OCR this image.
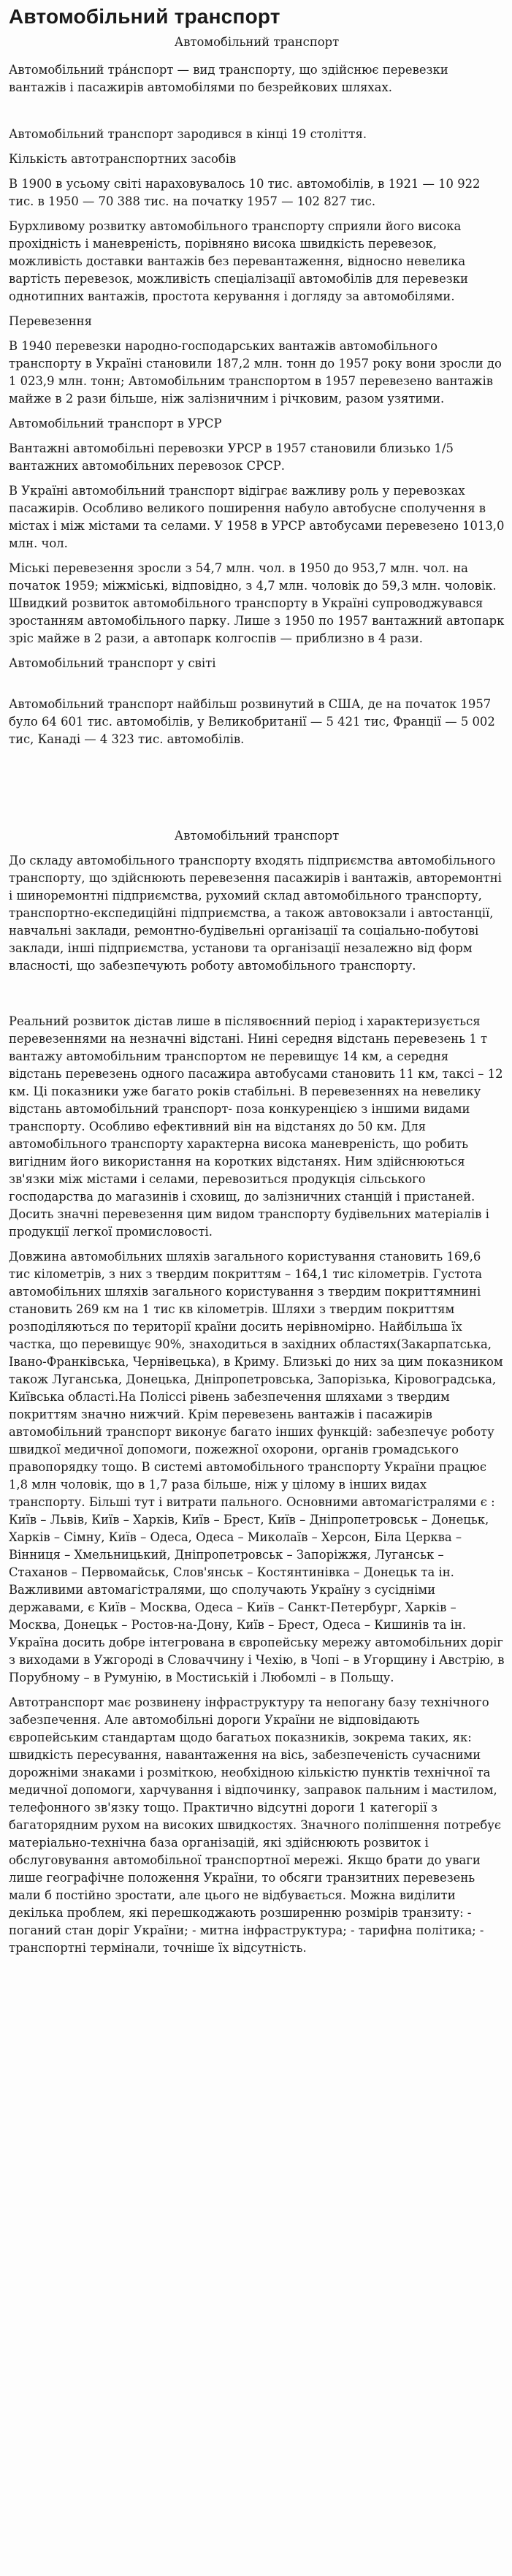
Автомобільний транспорт

Автомобільний транспорт

Автомобільний тра́нспорт — вид транспорту, що здійснює перевезки вантажів і пасажирів автомобілями по безрейкових шляхах.

Автомобільний транспорт зародився в кінці 19 століття.

Кількість автотранспортних засобів

В 1900 в усьому світі нараховувалось 10 тис. автомобілів, в 1921 — 10 922 тис. в 1950 — 70 388 тис. на початку 1957 — 102 827 тис.

Бурхливому розвитку автомобільного транспорту сприяли його висока прохідність і маневреність, порівняно висока швидкість перевезок, можливість доставки вантажів без перевантаження, відносно невелика вартість перевезок, можливість спеціалізації автомобілів для перевезки однотипних вантажів, простота керування і догляду за автомобілями.

Перевезення

В 1940 перевезки народно-господарських вантажів автомобільного транспорту в Українi становили 187,2 млн. тонн до 1957 року вони зросли до 1 023,9 млн. тонн; Автомобільним транспортом в 1957 перевезено вантажів майже в 2 рази більше, ніж залізничним і річковим, разом узятими.

Автомобільний транспорт в УРСР

Вантажні автомобільні перевозки УРСР в 1957 становили близько 1/5 вантажних автомобільних перевозок СРСР.

В Українi автомобільний транспорт відіграє важливу роль у перевозках пасажирів. Особливо великого поширення набуло автобусне сполучення в містах і між містами та селами. У 1958 в УРСР автобусами перевезено 1013,0 млн. чол.

Міські перевезення зросли з 54,7 млн. чол. в 1950 до 953,7 млн. чол. на початок 1959; міжміські, відповідно, з 4,7 млн. чоловік до 59,3 млн. чоловік. Швидкий розвиток автомобільного транспорту в Українi супроводжувався зростанням автомобільного парку. Лише з 1950 по 1957 вантажний автопарк зріс майже в 2 рази, а автопарк колгоспів — приблизно в 4 рази.

Автомобільний транспорт у світі

Автомобільний транспорт найбільш розвинутий в США, де на початок 1957 було 64 601 тис. автомобілів, у Великобританії — 5 421 тис, Франції — 5 002 тис, Канаді — 4 323 тис. автомобілів.

Автомобільний транспорт

До складу автомобільного транспорту входять підприємства автомобільного транспорту, що здійснюють перевезення пасажирів і вантажів, авторемонтні і шиноремонтні підприємства, рухомий склад автомобільного транспорту, транспортно-експедиційні підприємства, а також автовокзали і автостанції, навчальні заклади, ремонтно-будівельні організації та соціально-побутові заклади, інші підприємства, установи та організації незалежно від форм власності, що забезпечують роботу автомобільного транспорту.

Реальний розвиток дістав лише в післявоєнний період і характеризується перевезеннями на незначні відстані. Нині середня відстань перевезень 1 т вантажу автомобільним транспортом не перевищує 14 км, а середня відстань перевезень одного пасажира автобусами становить 11 км, таксі – 12 км. Ці показники уже багато років стабільні. В перевезеннях на невелику відстань автомобільний транспорт- поза конкуренцією з іншими видами транспорту. Особливо ефективний він на відстанях до 50 км. Для автомобільного транспорту характерна висока маневреність, що робить вигідним його використання на коротких відстанях. Ним здійснюються зв'язки між містами і селами, перевозиться продукція сільського господарства до магазинів і сховищ, до залізничних станцій і пристаней. Досить значні перевезення цим видом транспорту будівельних матеріалів і продукції легкої промисловості.

Довжина автомобільних шляхів загального користування становить 169,6 тис кілометрів, з них з твердим покриттям – 164,1 тис кілометрів. Густота автомобільних шляхів загального користування з твердим покриттямнині становить 269 км на 1 тис кв кілометрів. Шляхи з твердим покриттям розподіляються по території країни досить нерівномірно. Найбільша їх частка, що перевищує 90%, знаходиться в західних областях(Закарпатська, Івано-Франківська, Чернівецька), в Криму. Близькі до них за цим показником також Луганська, Донецька, Дніпропетровська, Запорізька, Кіровоградська, Київська області.На Поліссі рівень забезпечення шляхами з твердим покриттям значно нижчий. Крім перевезень вантажів і пасажирів автомобільний транспорт виконує багато інших функцій: забезпечує роботу швидкої медичної допомоги, пожежної охорони, органів громадського правопорядку тощо. В системі автомобільного транспорту України працює 1,8 млн чоловік, що в 1,7 раза більше, ніж у цілому в інших видах транспорту. Більші тут і витрати пального. Основними автомагістралями є : Київ – Львів, Київ – Харків, Київ – Брест, Київ – Дніпропетровськ – Донецьк, Харків – Сімну, Київ – Одеса, Одеса – Миколаїв – Херсон, Біла Церква – Вінниця – Хмельницький, Дніпропетровськ – Запоріжжя, Луганськ – Стаханов – Первомайськ, Слов'янськ – Костянтинівка – Донецьк та ін. Важливими автомагістралями, що сполучають Україну з сусідніми державами, є Київ – Москва, Одеса – Київ – Санкт-Петербург, Харків – Москва, Донецьк – Ростов-на-Дону, Київ – Брест, Одеса – Кишинів та ін. Україна досить добре інтегрована в європейську мережу автомобільних доріг з виходами в Ужгороді в Словаччину і Чехію, в Чопі – в Угорщину і Австрію, в Порубному – в Румунію, в Мостиській і Любомлі – в Польщу.

Автотранспорт має розвинену інфраструктуру та непогану базу технічного забезпечення. Але автомобільні дороги України не відповідають європейським стандартам щодо багатьох показників, зокрема таких, як: швидкість пересування, навантаження на вісь, забезпеченість сучасними дорожніми знаками і розміткою, необхідною кількістю пунктів технічної та медичної допомоги, харчування і відпочинку, заправок пальним і мастилом, телефонного зв'язку тощо. Практично відсутні дороги 1 категорії з багаторядним рухом на високих швидкостях. Значного поліпшення потребує матеріально-технічна база організацій, які здійснюють розвиток і обслуговування автомобільної транспортної мережі. Якщо брати до уваги лише географічне положення України, то обсяги транзитних перевезень мали б постійно зростати, але цього не відбувається. Можна виділити декілька проблем, які перешкоджають розширенню розмірів транзиту: - поганий стан доріг України; - митна інфраструктура; - тарифна політика; - транспортні термінали, точніше їх відсутність.
